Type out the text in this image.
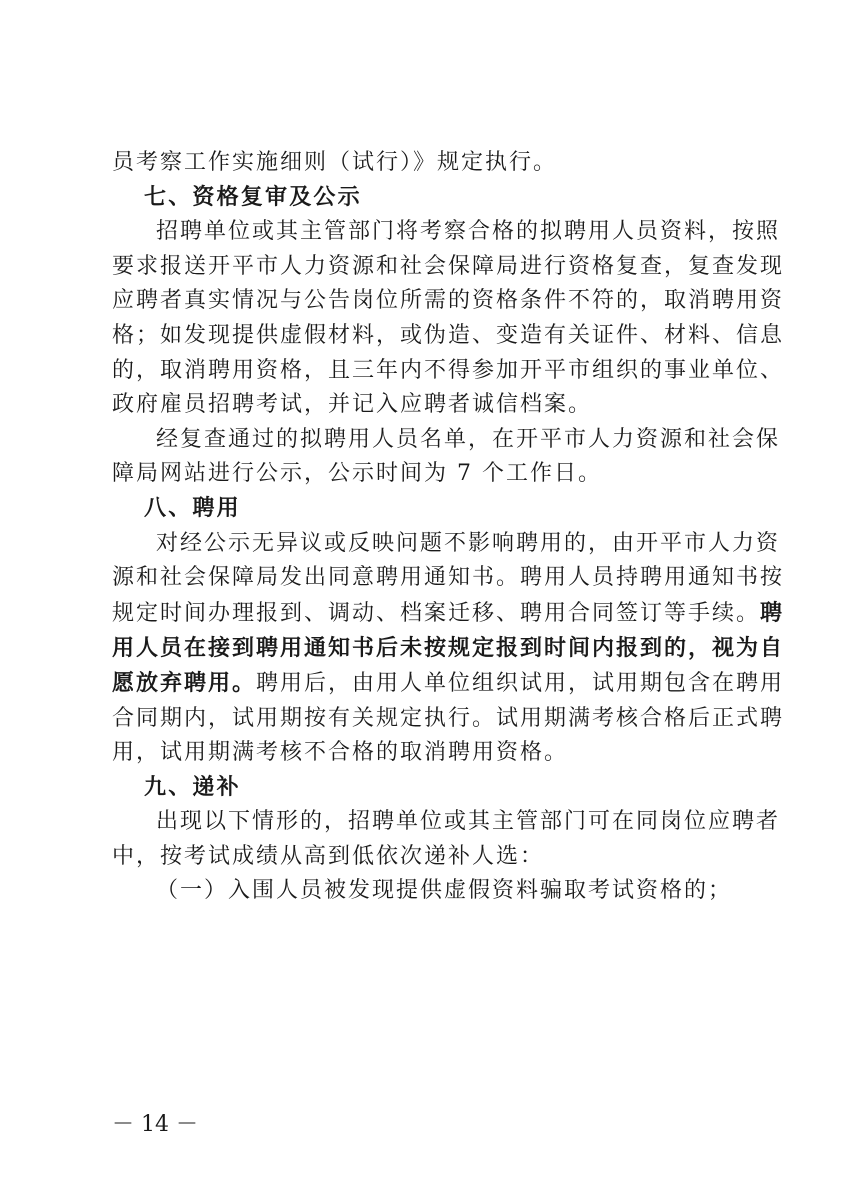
员考察工作实施细则（试行）》规定执行。
七、资格复审及公示
招聘单位或其主管部门将考察合格的拟聘用人员资料，按照
要求报送开平市人力资源和社会保障局进行资格复查，复查发现
应聘者真实情况与公告岗位所需的资格条件不符的，取消聘用资
格；如发现提供虚假材料，或伪造、变造有关证件、材料、信息
的，取消聘用资格，且三年内不得参加开平市组织的事业单位、
政府雇员招聘考试，并记入应聘者诚信档案。
经复查通过的拟聘用人员名单，在开平市人力资源和社会保
障局网站进行公示，公示时间为 7 个工作日。
八、聘用
对经公示无异议或反映问题不影响聘用的，由开平市人力资
源和社会保障局发出同意聘用通知书。聘用人员持聘用通知书按
规定时间办理报到、调动、档案迁移、聘用合同签订等手续。聘
用人员在接到聘用通知书后未按规定报到时间内报到的，视为自
愿放弃聘用。聘用后，由用人单位组织试用，试用期包含在聘用
合同期内，试用期按有关规定执行。试用期满考核合格后正式聘
用，试用期满考核不合格的取消聘用资格。
九、递补
出现以下情形的，招聘单位或其主管部门可在同岗位应聘者
中，按考试成绩从高到低依次递补人选：
（一）入围人员被发现提供虚假资料骗取考试资格的；
－ 14 －
